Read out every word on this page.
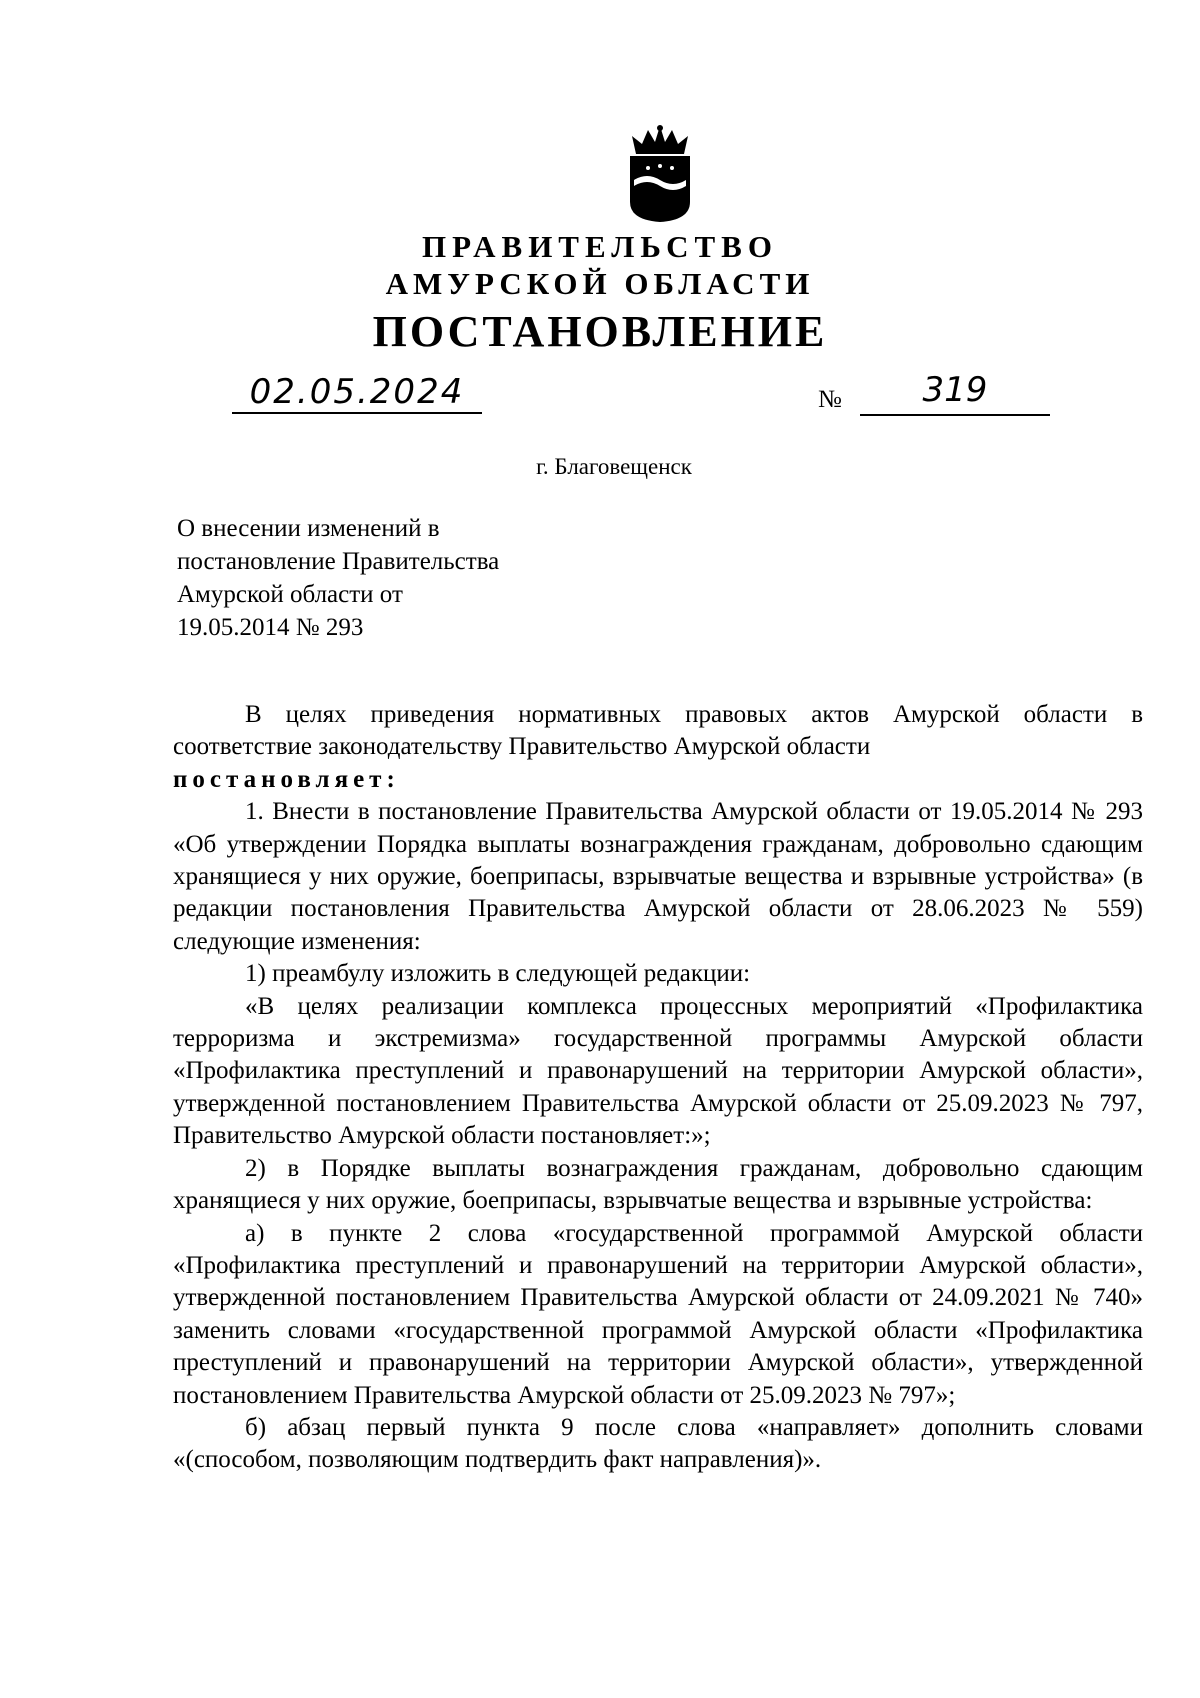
ПРАВИТЕЛЬСТВО
АМУРСКОЙ ОБЛАСТИ
ПОСТАНОВЛЕНИЕ
02.05.2024	№	319
г. Благовещенск
О внесении изменений в
постановление Правительства
Амурской области от
19.05.2014 № 293

В целях приведения нормативных правовых актов Амурской области в соответствие законодательству Правительство Амурской области

постановляет:

1. Внести в постановление Правительства Амурской области от 19.05.2014 № 293 «Об утверждении Порядка выплаты вознаграждения гражданам, добровольно сдающим хранящиеся у них оружие, боеприпасы, взрывчатые вещества и взрывные устройства» (в редакции постановления Правительства Амурской области от 28.06.2023 № 559) следующие изменения:

1) преамбулу изложить в следующей редакции:

«В целях реализации комплекса процессных мероприятий «Профилактика терроризма и экстремизма» государственной программы Амурской области «Профилактика преступлений и правонарушений на территории Амурской области», утвержденной постановлением Правительства Амурской области от 25.09.2023 № 797, Правительство Амурской области постановляет:»;

2) в Порядке выплаты вознаграждения гражданам, добровольно сдающим хранящиеся у них оружие, боеприпасы, взрывчатые вещества и взрывные устройства:

а) в пункте 2 слова «государственной программой Амурской области «Профилактика преступлений и правонарушений на территории Амурской области», утвержденной постановлением Правительства Амурской области от 24.09.2021 № 740» заменить словами «государственной программой Амурской области «Профилактика преступлений и правонарушений на территории Амурской области», утвержденной постановлением Правительства Амурской области от 25.09.2023 № 797»;

б) абзац первый пункта 9 после слова «направляет» дополнить словами «(способом, позволяющим подтвердить факт направления)».
